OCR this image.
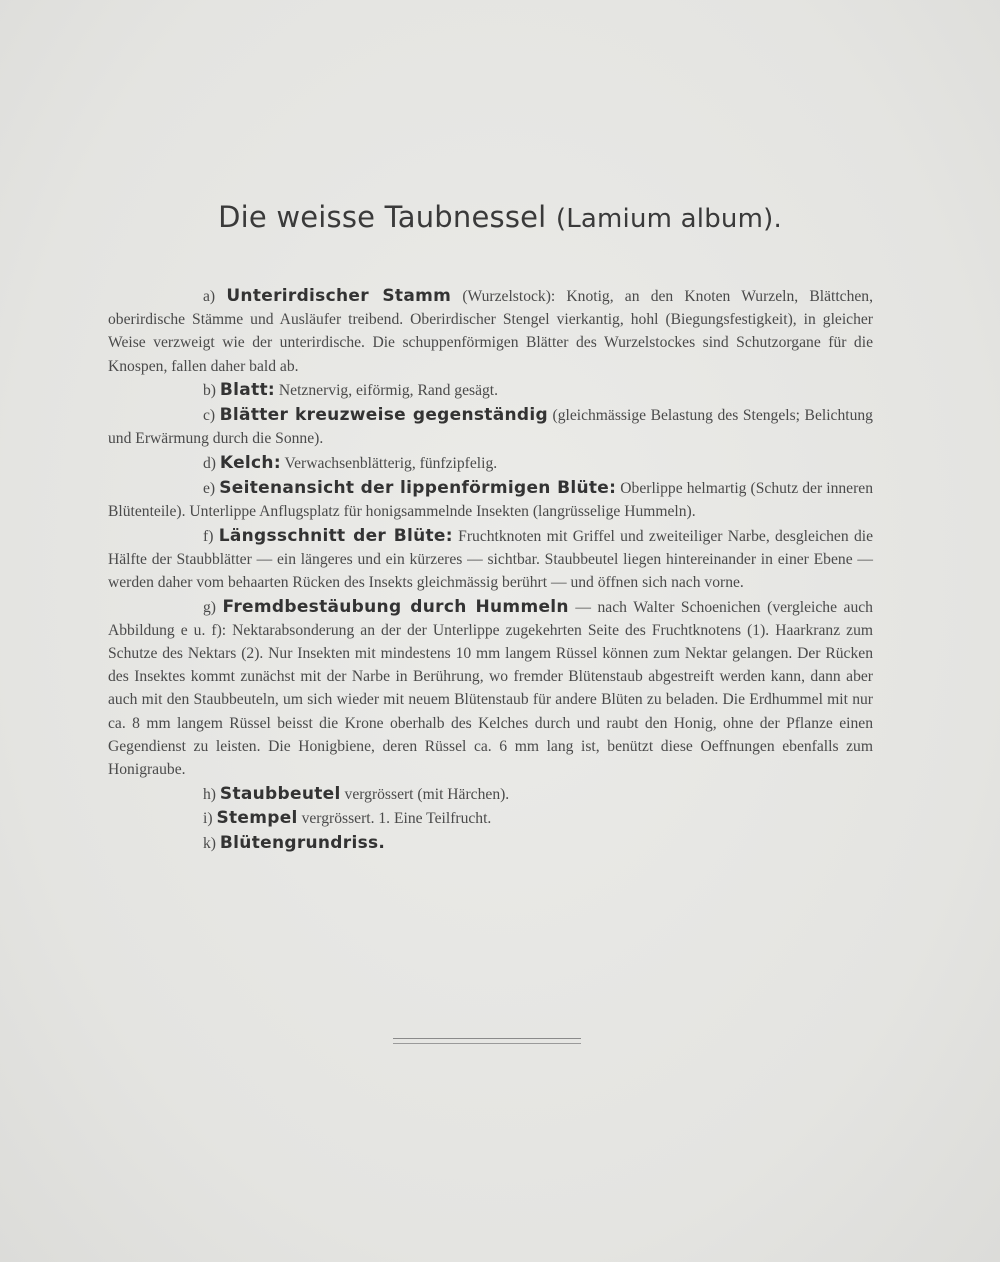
Die weisse Taubnessel (Lamium album).

a) Unterirdischer Stamm (Wurzelstock): Knotig, an den Knoten Wurzeln, Blättchen, oberirdische Stämme und Ausläufer treibend. Oberirdischer Stengel vierkantig, hohl (Biegungsfestigkeit), in gleicher Weise verzweigt wie der unterirdische. Die schuppenförmigen Blätter des Wurzelstockes sind Schutzorgane für die Knospen, fallen daher bald ab.

b) Blatt: Netznervig, eiförmig, Rand gesägt.

c) Blätter kreuzweise gegenständig (gleichmässige Belastung des Stengels; Belichtung und Erwärmung durch die Sonne).

d) Kelch: Verwachsenblätterig, fünfzipfelig.

e) Seitenansicht der lippenförmigen Blüte: Oberlippe helmartig (Schutz der inneren Blütenteile). Unterlippe Anflugsplatz für honigsammelnde Insekten (langrüsselige Hummeln).

f) Längsschnitt der Blüte: Fruchtknoten mit Griffel und zweiteiliger Narbe, desgleichen die Hälfte der Staubblätter — ein längeres und ein kürzeres — sichtbar. Staubbeutel liegen hintereinander in einer Ebene — werden daher vom behaarten Rücken des Insekts gleichmässig berührt — und öffnen sich nach vorne.

g) Fremdbestäubung durch Hummeln — nach Walter Schoenichen (vergleiche auch Abbildung e u. f): Nektarabsonderung an der der Unterlippe zugekehrten Seite des Fruchtknotens (1). Haarkranz zum Schutze des Nektars (2). Nur Insekten mit mindestens 10 mm langem Rüssel können zum Nektar gelangen. Der Rücken des Insektes kommt zunächst mit der Narbe in Berührung, wo fremder Blütenstaub abgestreift werden kann, dann aber auch mit den Staubbeuteln, um sich wieder mit neuem Blütenstaub für andere Blüten zu beladen. Die Erdhummel mit nur ca. 8 mm langem Rüssel beisst die Krone oberhalb des Kelches durch und raubt den Honig, ohne der Pflanze einen Gegendienst zu leisten. Die Honigbiene, deren Rüssel ca. 6 mm lang ist, benützt diese Oeffnungen ebenfalls zum Honigraube.

h) Staubbeutel vergrössert (mit Härchen).

i) Stempel vergrössert. 1. Eine Teilfrucht.

k) Blütengrundriss.
